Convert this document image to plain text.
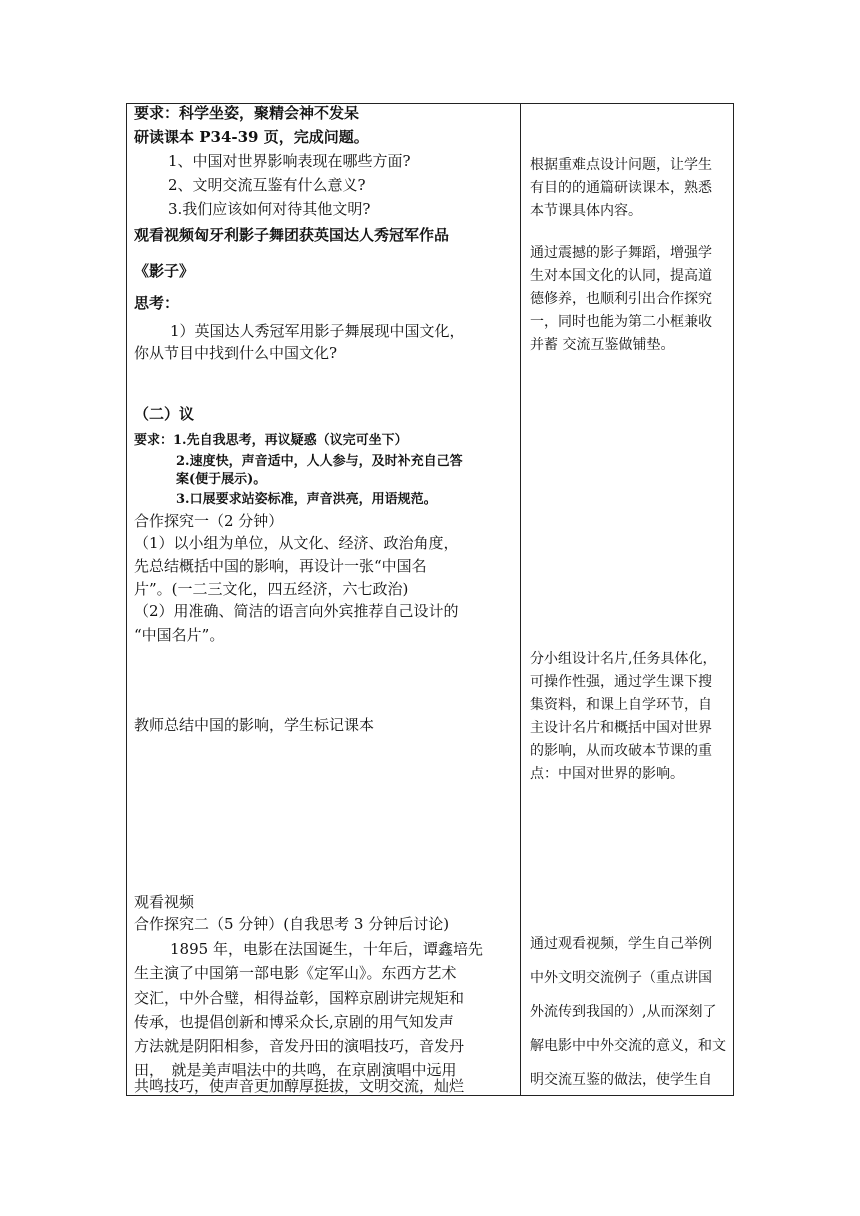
要求：科学坐姿，聚精会神不发呆
研读课本 P34-39 页，完成问题。
1、中国对世界影响表现在哪些方面?
2、文明交流互鉴有什么意义?
3.我们应该如何对待其他文明?
观看视频匈牙利影子舞团获英国达人秀冠军作品
《影子》
思考：
1）英国达人秀冠军用影子舞展现中国文化，
你从节目中找到什么中国文化?
（二）议
要求：1.先自我思考，再议疑惑（议完可坐下）
2.速度快，声音适中，人人参与，及时补充自己答
案(便于展示)。
3.口展要求站姿标准，声音洪亮，用语规范。
合作探究一（2 分钟）
（1）以小组为单位，从文化、经济、政治角度，
先总结概括中国的影响，再设计一张“中国名
片”。(一二三文化，四五经济，六七政治)
（2）用准确、简洁的语言向外宾推荐自己设计的
“中国名片”。
教师总结中国的影响，学生标记课本
观看视频
合作探究二（5 分钟）(自我思考 3 分钟后讨论)
1895 年，电影在法国诞生，十年后，谭鑫培先
生主演了中国第一部电影《定军山》。东西方艺术
交汇，中外合璧，相得益彰，国粹京剧讲完规矩和
传承，也提倡创新和博采众长,京剧的用气知发声
方法就是阴阳相参，音发丹田的演唱技巧，音发丹
田，　就是美声唱法中的共鸣，在京剧演唱中远用
共鸣技巧，使声音更加醇厚挺拔，文明交流，灿烂
根据重难点设计问题，让学生
有目的的通篇研读课本，熟悉
本节课具体内容。
通过震撼的影子舞蹈，增强学
生对本国文化的认同，提高道
德修养，也顺利引出合作探究
一，同时也能为第二小框兼收
并蓄 交流互鉴做铺垫。
分小组设计名片,任务具体化，
可操作性强，通过学生课下搜
集资料，和课上自学环节，自
主设计名片和概括中国对世界
的影响，从而攻破本节课的重
点：中国对世界的影响。
通过观看视频，学生自己举例
中外文明交流例子（重点讲国
外流传到我国的）,从而深刻了
解电影中中外交流的意义，和文
明交流互鉴的做法，使学生自
